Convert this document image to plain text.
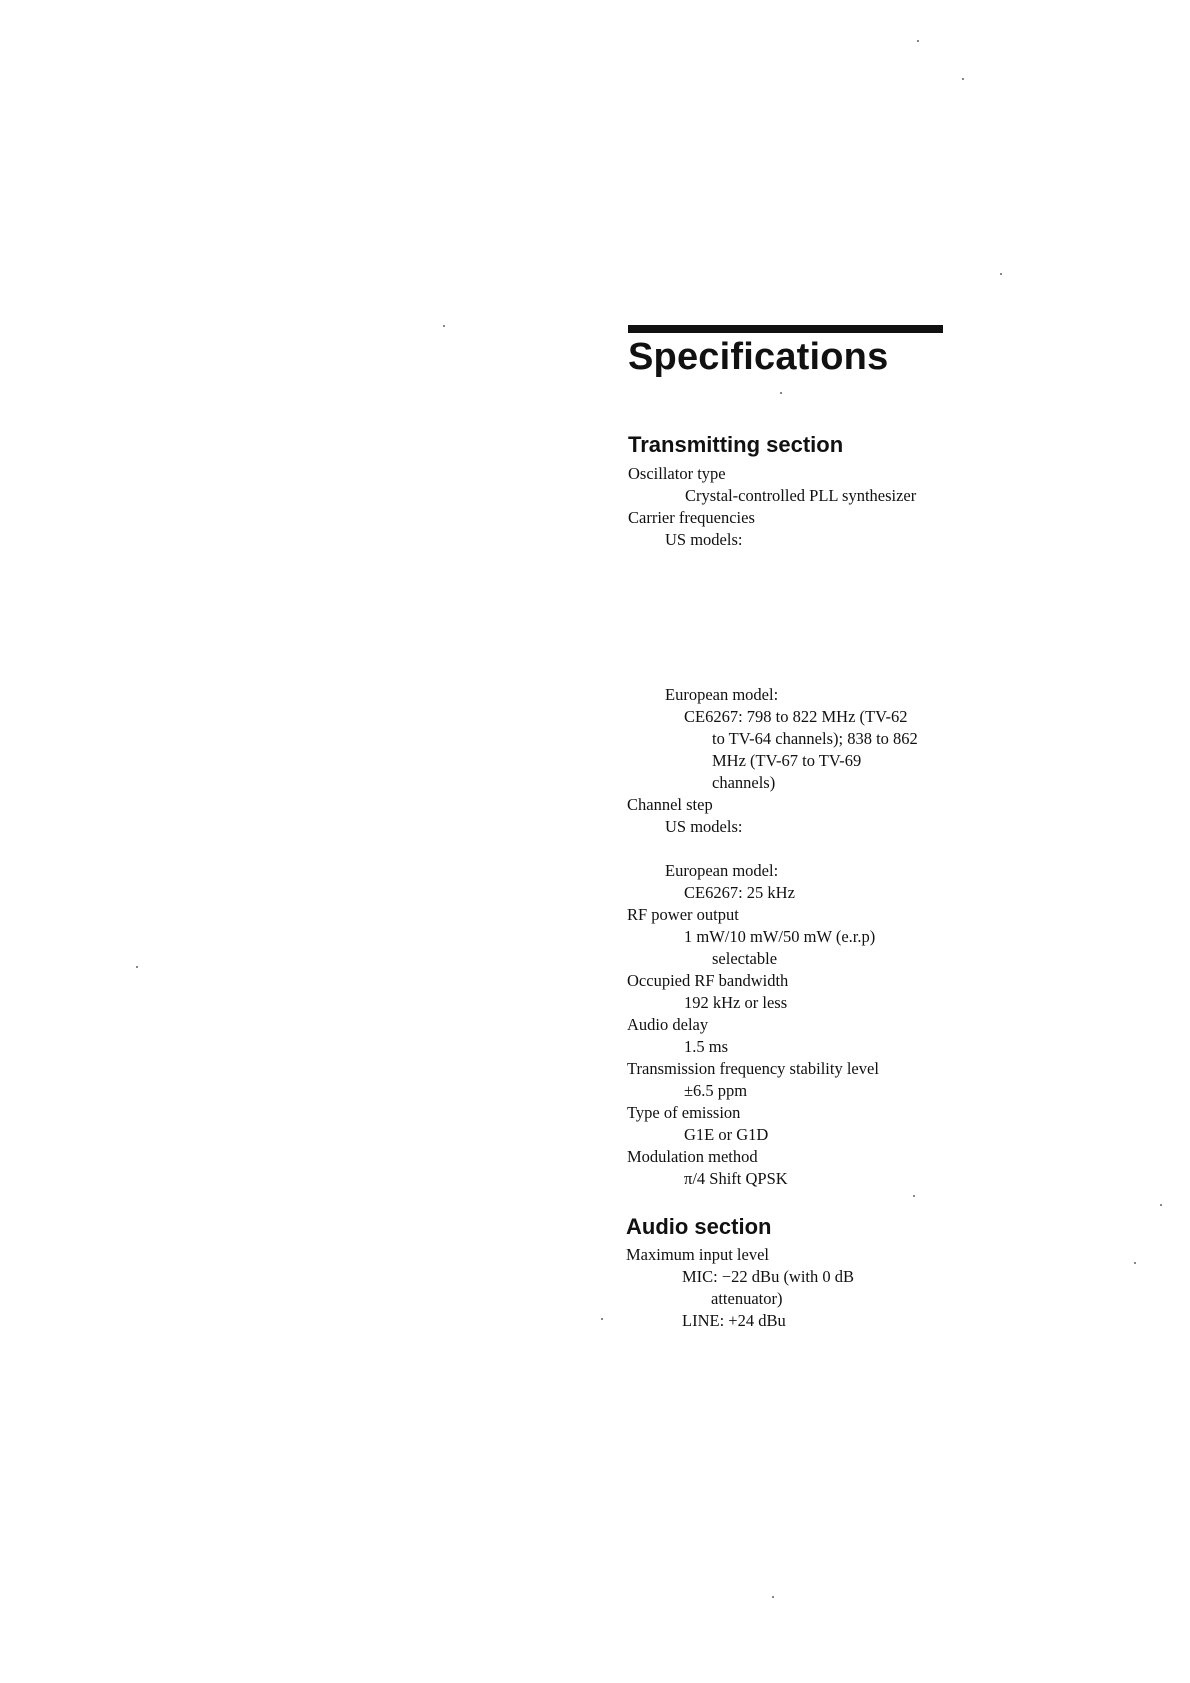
Specifications
Transmitting section

Oscillator type

Crystal-controlled PLL synthesizer

Carrier frequencies

US models:

European model:

CE6267: 798 to 822 MHz (TV-62

to TV-64 channels); 838 to 862

MHz (TV-67 to TV-69

channels)

Channel step

US models:

European model:

CE6267: 25 kHz

RF power output

1 mW/10 mW/50 mW (e.r.p)

selectable

Occupied RF bandwidth

192 kHz or less

Audio delay

1.5 ms

Transmission frequency stability level

±6.5 ppm

Type of emission

G1E or G1D

Modulation method

π/4 Shift QPSK

Audio section

Maximum input level

MIC: −22 dBu (with 0 dB

attenuator)

LINE: +24 dBu
